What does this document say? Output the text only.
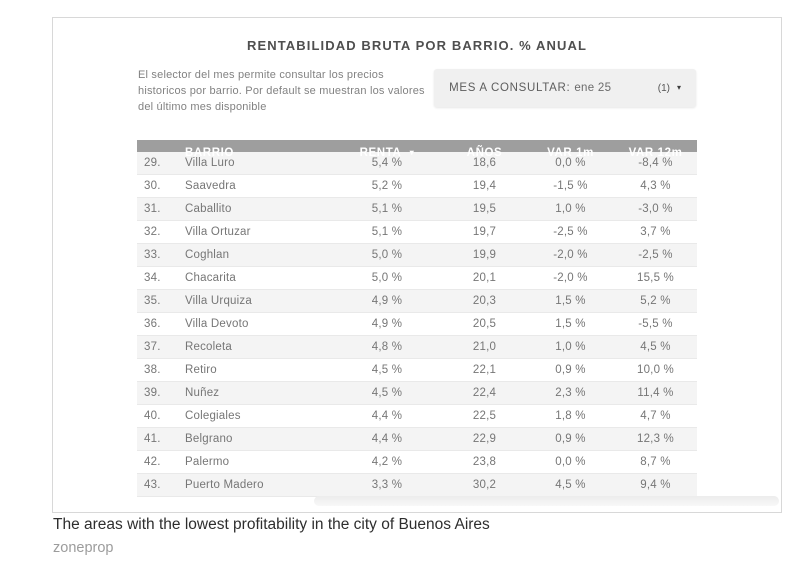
RENTABILIDAD BRUTA POR BARRIO. % ANUAL
El selector del mes permite consultar los precios historicos por barrio. Por default se muestran los valores del último mes disponible
MES A CONSULTAR: ene 25	(1) ▾
BARRIO	RENTA ▾	AÑOS	VAR 1m	VAR 12m
29.	Villa Luro	5,4 %	18,6	0,0 %	-8,4 %
30.	Saavedra	5,2 %	19,4	-1,5 %	4,3 %
31.	Caballito	5,1 %	19,5	1,0 %	-3,0 %
32.	Villa Ortuzar	5,1 %	19,7	-2,5 %	3,7 %
33.	Coghlan	5,0 %	19,9	-2,0 %	-2,5 %
34.	Chacarita	5,0 %	20,1	-2,0 %	15,5 %
35.	Villa Urquiza	4,9 %	20,3	1,5 %	5,2 %
36.	Villa Devoto	4,9 %	20,5	1,5 %	-5,5 %
37.	Recoleta	4,8 %	21,0	1,0 %	4,5 %
38.	Retiro	4,5 %	22,1	0,9 %	10,0 %
39.	Nuñez	4,5 %	22,4	2,3 %	11,4 %
40.	Colegiales	4,4 %	22,5	1,8 %	4,7 %
41.	Belgrano	4,4 %	22,9	0,9 %	12,3 %
42.	Palermo	4,2 %	23,8	0,0 %	8,7 %
43.	Puerto Madero	3,3 %	30,2	4,5 %	9,4 %
The areas with the lowest profitability in the city of Buenos Aires
zoneprop
